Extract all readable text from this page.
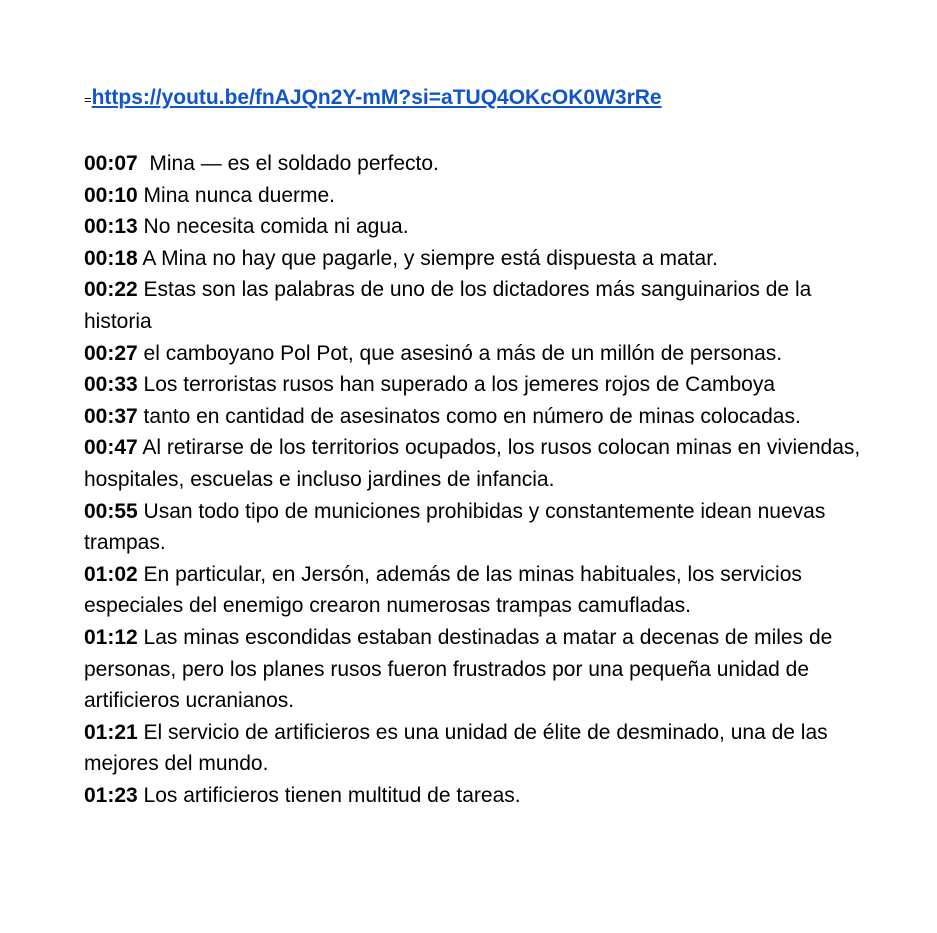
=https://youtu.be/fnAJQn2Y-mM?si=aTUQ4OKcOK0W3rRe

00:07  Mina — es el soldado perfecto.

00:10 Mina nunca duerme.

00:13 No necesita comida ni agua.

00:18 A Mina no hay que pagarle, y siempre está dispuesta a matar.

00:22 Estas son las palabras de uno de los dictadores más sanguinarios de la historia

00:27 el camboyano Pol Pot, que asesinó a más de un millón de personas.

00:33 Los terroristas rusos han superado a los jemeres rojos de Camboya

00:37 tanto en cantidad de asesinatos como en número de minas colocadas.

00:47 Al retirarse de los territorios ocupados, los rusos colocan minas en viviendas, hospitales, escuelas e incluso jardines de infancia.

00:55 Usan todo tipo de municiones prohibidas y constantemente idean nuevas trampas.

01:02 En particular, en Jersón, además de las minas habituales, los servicios especiales del enemigo crearon numerosas trampas camufladas.

01:12 Las minas escondidas estaban destinadas a matar a decenas de miles de personas, pero los planes rusos fueron frustrados por una pequeña unidad de artificieros ucranianos.

01:21 El servicio de artificieros es una unidad de élite de desminado, una de las mejores del mundo.

01:23 Los artificieros tienen multitud de tareas.
